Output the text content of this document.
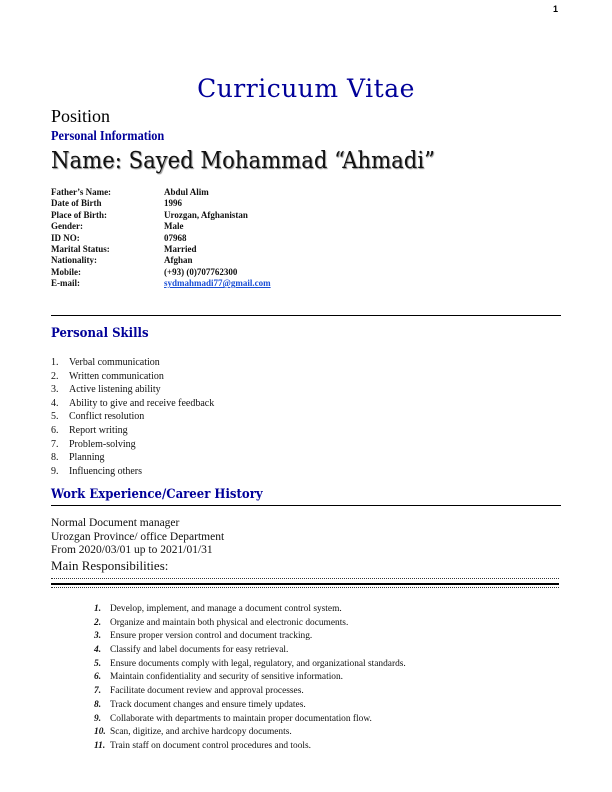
1
Curricuum Vitae
Position
Personal Information
Name: Sayed Mohammad “Ahmadi”
Father’s Name:	Abdul Alim
Date of Birth	1996
Place of Birth:	Urozgan, Afghanistan
Gender:	Male
ID NO:	07968
Marital Status:	Married
Nationality:	Afghan
Mobile:	(+93) (0)707762300
E-mail:	sydmahmadi77@gmail.com
Personal Skills
1.	Verbal communication
2.	Written communication
3.	Active listening ability
4.	Ability to give and receive feedback
5.	Conflict resolution
6.	Report writing
7.	Problem-solving
8.	Planning
9.	Influencing others
Work Experience/Career History
Normal Document manager
Urozgan Province/ office Department
From 2020/03/01 up to 2021/01/31
Main Responsibilities:
1. Develop, implement, and manage a document control system.
2. Organize and maintain both physical and electronic documents.
3. Ensure proper version control and document tracking.
4. Classify and label documents for easy retrieval.
5. Ensure documents comply with legal, regulatory, and organizational standards.
6. Maintain confidentiality and security of sensitive information.
7. Facilitate document review and approval processes.
8. Track document changes and ensure timely updates.
9. Collaborate with departments to maintain proper documentation flow.
10. Scan, digitize, and archive hardcopy documents.
11. Train staff on document control procedures and tools.
